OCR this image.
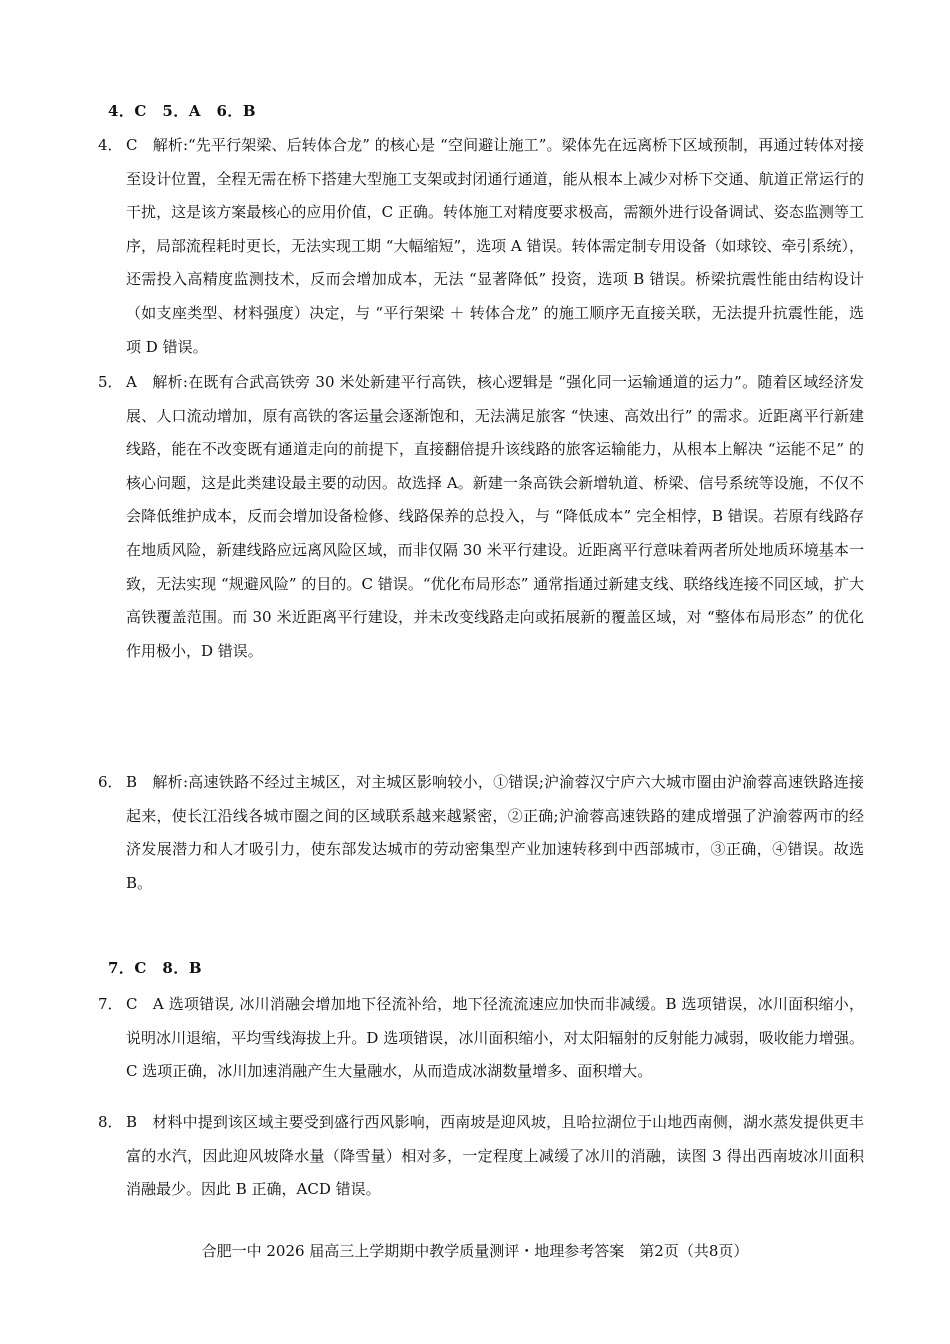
4．C　5．A　6．B
4． C　解析:“先平行架梁、后转体合龙” 的核心是 “空间避让施工”。梁体先在远离桥下区域预制，再通过转体对接至设计位置，全程无需在桥下搭建大型施工支架或封闭通行通道，能从根本上减少对桥下交通、航道正常运行的干扰，这是该方案最核心的应用价值，C 正确。转体施工对精度要求极高，需额外进行设备调试、姿态监测等工序，局部流程耗时更长，无法实现工期 “大幅缩短”，选项 A 错误。转体需定制专用设备（如球铰、牵引系统），还需投入高精度监测技术，反而会增加成本，无法 “显著降低” 投资，选项 B 错误。桥梁抗震性能由结构设计（如支座类型、材料强度）决定，与 “平行架梁 ＋ 转体合龙” 的施工顺序无直接关联，无法提升抗震性能，选项 D 错误。
5． A　解析:在既有合武高铁旁 30 米处新建平行高铁，核心逻辑是 “强化同一运输通道的运力”。随着区域经济发展、人口流动增加，原有高铁的客运量会逐渐饱和，无法满足旅客 “快速、高效出行” 的需求。近距离平行新建线路，能在不改变既有通道走向的前提下，直接翻倍提升该线路的旅客运输能力，从根本上解决 “运能不足” 的核心问题，这是此类建设最主要的动因。故选择 A。新建一条高铁会新增轨道、桥梁、信号系统等设施，不仅不会降低维护成本，反而会增加设备检修、线路保养的总投入，与 “降低成本” 完全相悖，B 错误。若原有线路存在地质风险，新建线路应远离风险区域，而非仅隔 30 米平行建设。近距离平行意味着两者所处地质环境基本一致，无法实现 “规避风险” 的目的。C 错误。“优化布局形态” 通常指通过新建支线、联络线连接不同区域，扩大高铁覆盖范围。而 30 米近距离平行建设，并未改变线路走向或拓展新的覆盖区域，对 “整体布局形态” 的优化作用极小，D 错误。
6． B　解析:高速铁路不经过主城区，对主城区影响较小，①错误;沪渝蓉汉宁庐六大城市圈由沪渝蓉高速铁路连接起来，使长江沿线各城市圈之间的区域联系越来越紧密，②正确;沪渝蓉高速铁路的建成增强了沪渝蓉两市的经济发展潜力和人才吸引力，使东部发达城市的劳动密集型产业加速转移到中西部城市，③正确，④错误。故选 B。
7．C　8．B
7． C　A 选项错误, 冰川消融会增加地下径流补给，地下径流流速应加快而非减缓。B 选项错误，冰川面积缩小，说明冰川退缩，平均雪线海拔上升。D 选项错误，冰川面积缩小，对太阳辐射的反射能力减弱，吸收能力增强。C 选项正确，冰川加速消融产生大量融水，从而造成冰湖数量增多、面积增大。
8． B　材料中提到该区域主要受到盛行西风影响，西南坡是迎风坡，且哈拉湖位于山地西南侧，湖水蒸发提供更丰富的水汽，因此迎风坡降水量（降雪量）相对多，一定程度上减缓了冰川的消融，读图 3 得出西南坡冰川面积消融最少。因此 B 正确，ACD 错误。
合肥一中 2026 届高三上学期期中教学质量测评・地理参考答案　第2页（共8页）
